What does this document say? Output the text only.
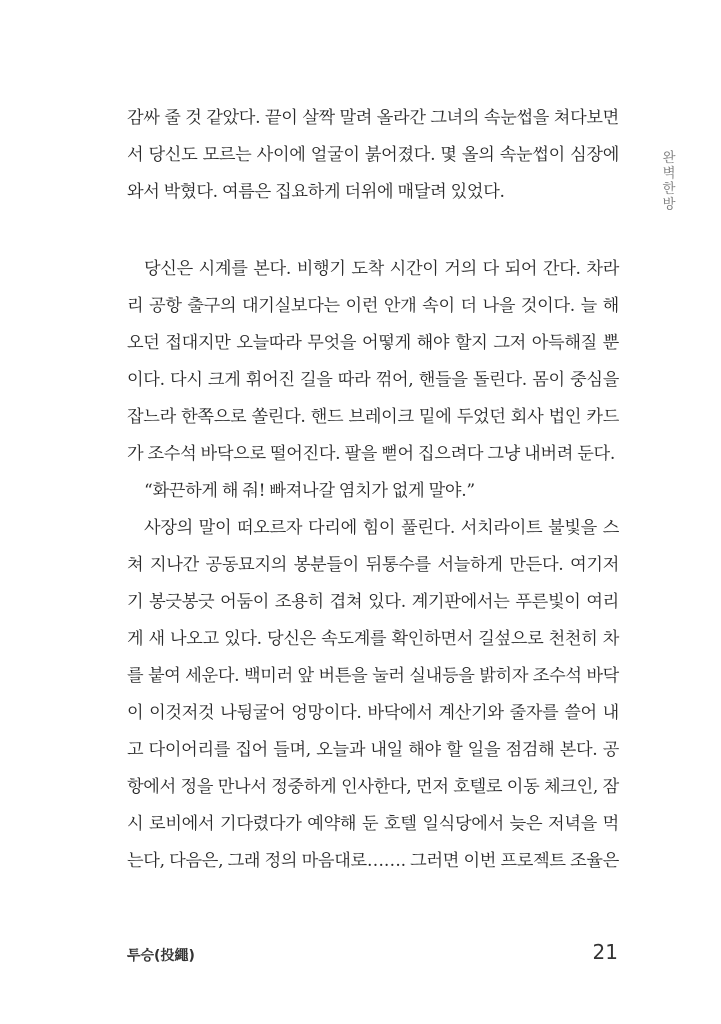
감싸 줄 것 같았다. 끝이 살짝 말려 올라간 그녀의 속눈썹을 쳐다보면
서 당신도 모르는 사이에 얼굴이 붉어졌다. 몇 올의 속눈썹이 심장에
와서 박혔다. 여름은 집요하게 더위에 매달려 있었다.
당신은 시계를 본다. 비행기 도착 시간이 거의 다 되어 간다. 차라
리 공항 출구의 대기실보다는 이런 안개 속이 더 나을 것이다. 늘 해
오던 접대지만 오늘따라 무엇을 어떻게 해야 할지 그저 아득해질 뿐
이다. 다시 크게 휘어진 길을 따라 꺾어, 핸들을 돌린다. 몸이 중심을
잡느라 한쪽으로 쏠린다. 핸드 브레이크 밑에 두었던 회사 법인 카드
가 조수석 바닥으로 떨어진다. 팔을 뻗어 집으려다 그냥 내버려 둔다.
“화끈하게 해 줘! 빠져나갈 염치가 없게 말야.”
사장의 말이 떠오르자 다리에 힘이 풀린다. 서치라이트 불빛을 스
쳐 지나간 공동묘지의 봉분들이 뒤통수를 서늘하게 만든다. 여기저
기 봉긋봉긋 어둠이 조용히 겹쳐 있다. 계기판에서는 푸른빛이 여리
게 새 나오고 있다. 당신은 속도계를 확인하면서 길섶으로 천천히 차
를 붙여 세운다. 백미러 앞 버튼을 눌러 실내등을 밝히자 조수석 바닥
이 이것저것 나뒹굴어 엉망이다. 바닥에서 계산기와 줄자를 쓸어 내
고 다이어리를 집어 들며, 오늘과 내일 해야 할 일을 점검해 본다. 공
항에서 정을 만나서 정중하게 인사한다, 먼저 호텔로 이동 체크인, 잠
시 로비에서 기다렸다가 예약해 둔 호텔 일식당에서 늦은 저녁을 먹
는다, 다음은, 그래 정의 마음대로……. 그러면 이번 프로젝트 조율은
완벽한방
투승(投繩)	21
